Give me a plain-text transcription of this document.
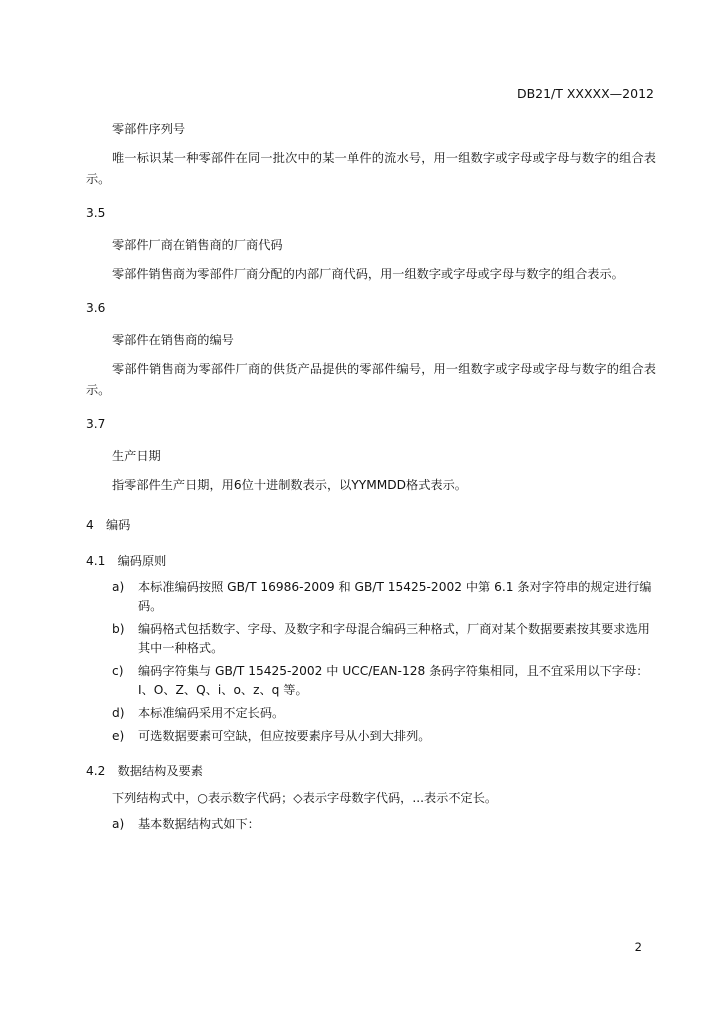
DB21/T XXXXX—2012
零部件序列号
唯一标识某一种零部件在同一批次中的某一单件的流水号，用一组数字或字母或字母与数字的组合表示。
3.5
零部件厂商在销售商的厂商代码
零部件销售商为零部件厂商分配的内部厂商代码，用一组数字或字母或字母与数字的组合表示。
3.6
零部件在销售商的编号
零部件销售商为零部件厂商的供货产品提供的零部件编号，用一组数字或字母或字母与数字的组合表示。
3.7
生产日期
指零部件生产日期，用6位十进制数表示，以YYMMDD格式表示。
4　编码
4.1　编码原则
a) 本标准编码按照 GB/T 16986-2009 和 GB/T 15425-2002 中第 6.1 条对字符串的规定进行编码。
b) 编码格式包括数字、字母、及数字和字母混合编码三种格式，厂商对某个数据要素按其要求选用其中一种格式。
c) 编码字符集与 GB/T 15425-2002 中 UCC/EAN-128 条码字符集相同，且不宜采用以下字母：I、O、Z、Q、i、o、z、q 等。
d) 本标准编码采用不定长码。
e) 可选数据要素可空缺，但应按要素序号从小到大排列。
4.2　数据结构及要素
下列结构式中，○表示数字代码；◇表示字母数字代码，...表示不定长。
a) 基本数据结构式如下：
2
